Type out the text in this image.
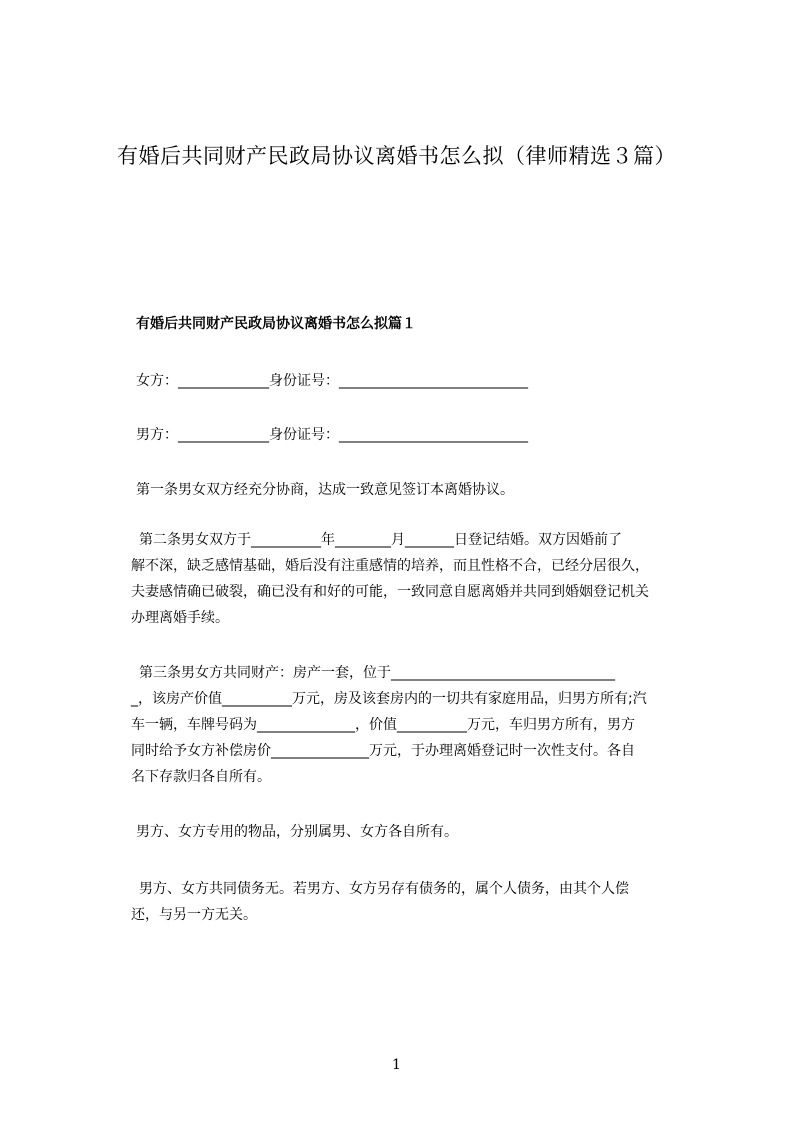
有婚后共同财产民政局协议离婚书怎么拟（律师精选３篇）
有婚后共同财产民政局协议离婚书怎么拟篇１
女方：_____________身份证号：___________________________
男方：_____________身份证号：___________________________
第一条男女双方经充分协商，达成一致意见签订本离婚协议。

第二条男女双方于__________年________月_______日登记结婚。双方因婚前了
解不深，缺乏感情基础，婚后没有注重感情的培养，而且性格不合，已经分居很久，
夫妻感情确已破裂，确已没有和好的可能，一致同意自愿离婚并共同到婚姻登记机关
办理离婚手续。

第三条男女方共同财产：房产一套，位于________________________________
_，该房产价值__________万元，房及该套房内的一切共有家庭用品，归男方所有;汽
车一辆，车牌号码为______________，价值__________万元，车归男方所有，男方
同时给予女方补偿房价______________万元，于办理离婚登记时一次性支付。各自
名下存款归各自所有。

男方、女方专用的物品，分别属男、女方各自所有。

男方、女方共同债务无。若男方、女方另存有债务的，属个人债务，由其个人偿
还，与另一方无关。

1
